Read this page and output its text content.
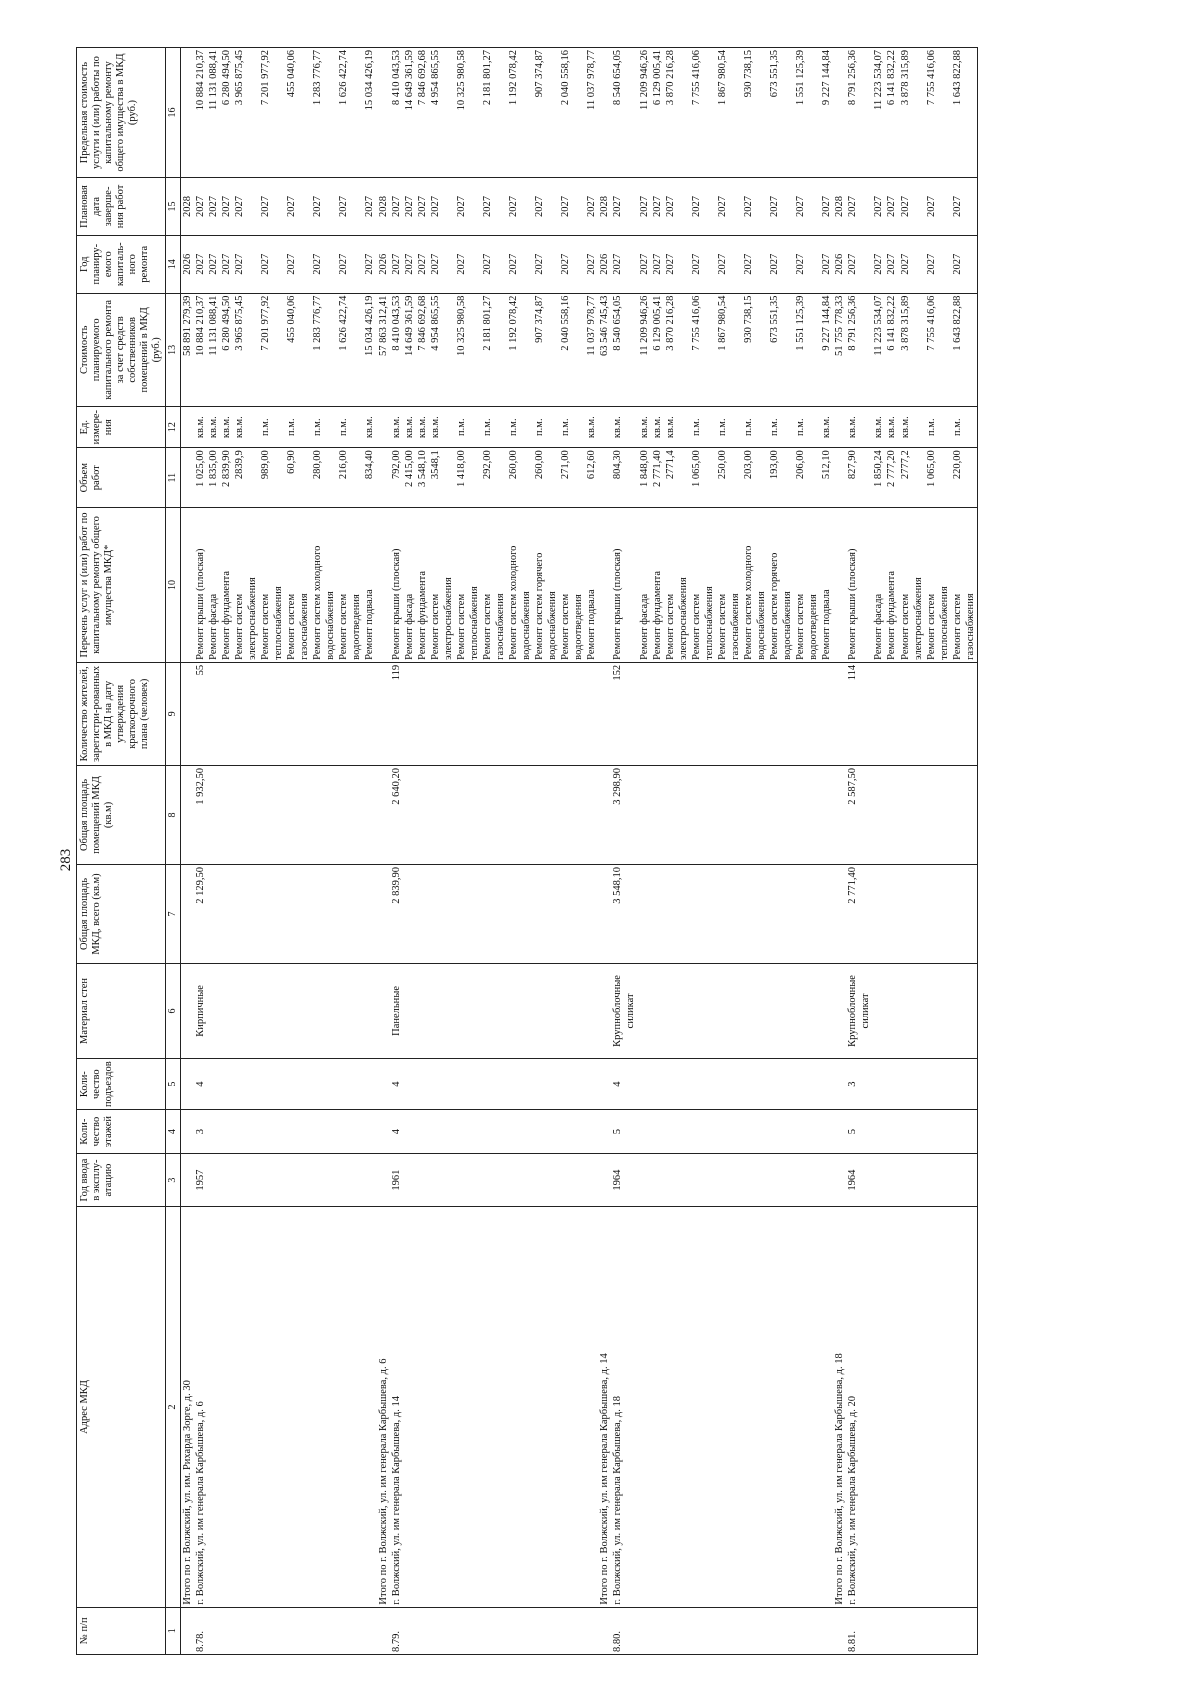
283
№ п/п	Адрес МКД	Год ввода в эксплу-атацию	Коли-чество этажей	Коли-чество подъездов	Материал стен	Общая площадь МКД, всего (кв.м)	Общая площадь помещений МКД (кв.м)	Количество жителей, зарегистри-рованных в МКД на дату утверждения краткосрочного плана (человек)	Перечень услуг и (или) работ по капитальному ремонту общего имущества МКД*	Объем работ	Ед. измере-ния	Стоимость планируемого капитального ремонта за счет средств собственников помещений в МКД (руб.)	Год планиру-емого капиталь-ного ремонта	Плановая дата заверше-ния работ	Предельная стоимость услуги и (или) работы по капитальному ремонту общего имущества в МКД (руб.)
1	2	3	4	5	6	7	8	9	10	11	12	13	14	15	16
	Итого по г. Волжский, ул. им. Рихарда Зорге, д. 30											58 891 279,39	2026	2028	
8.78.	г. Волжский, ул. им генерала Карбышева, д. 6	1957	3	4	Кирпичные	2 129,50	1 932,50	55	Ремонт крыши (плоская)	1 025,00	кв.м.	10 884 210,37	2027	2027	10 884 210,37

									Ремонт фасада	1 835,00	кв.м.	11 131 088,41	2027	2027	11 131 088,41

									Ремонт фундамента	2 839,90	кв.м.	6 280 494,50	2027	2027	6 280 494,50

									Ремонт систем электроснабжения	2839,9	кв.м.	3 965 875,45	2027	2027	3 965 875,45

									Ремонт систем теплоснабжения	989,00	п.м.	7 201 977,92	2027	2027	7 201 977,92

									Ремонт систем газоснабжения	60,90	п.м.	455 040,06	2027	2027	455 040,06

									Ремонт систем холодного водоснабжения	280,00	п.м.	1 283 776,77	2027	2027	1 283 776,77

									Ремонт систем водоотведения	216,00	п.м.	1 626 422,74	2027	2027	1 626 422,74

									Ремонт подвала	834,40	кв.м.	15 034 426,19	2027	2027	15 034 426,19
	Итого по г. Волжский, ул. им генерала Карбышева, д. 6											57 863 312,41	2026	2028	
8.79.	г. Волжский, ул. им генерала Карбышева, д. 14	1961	4	4	Панельные	2 839,90	2 640,20	119	Ремонт крыши (плоская)	792,00	кв.м.	8 410 043,53	2027	2027	8 410 043,53

									Ремонт фасада	2 415,00	кв.м.	14 649 361,59	2027	2027	14 649 361,59

									Ремонт фундамента	3 548,10	кв.м.	7 846 692,68	2027	2027	7 846 692,68

									Ремонт систем электроснабжения	3548,1	кв.м.	4 954 865,55	2027	2027	4 954 865,55

									Ремонт систем теплоснабжения	1 418,00	п.м.	10 325 980,58	2027	2027	10 325 980,58

									Ремонт систем газоснабжения	292,00	п.м.	2 181 801,27	2027	2027	2 181 801,27

									Ремонт систем холодного водоснабжения	260,00	п.м.	1 192 078,42	2027	2027	1 192 078,42

									Ремонт систем горячего водоснабжения	260,00	п.м.	907 374,87	2027	2027	907 374,87

									Ремонт систем водоотведения	271,00	п.м.	2 040 558,16	2027	2027	2 040 558,16

									Ремонт подвала	612,60	кв.м.	11 037 978,77	2027	2027	11 037 978,77
	Итого по г. Волжский, ул. им генерала Карбышева, д. 14											63 546 745,43	2026	2028	
8.80.	г. Волжский, ул. им генерала Карбышева, д. 18	1964	5	4	Крупноблочные силикат	3 548,10	3 298,90	152	Ремонт крыши (плоская)	804,30	кв.м.	8 540 654,05	2027	2027	8 540 654,05

									Ремонт фасада	1 848,00	кв.м.	11 209 946,26	2027	2027	11 209 946,26

									Ремонт фундамента	2 771,40	кв.м.	6 129 005,41	2027	2027	6 129 005,41

									Ремонт систем электроснабжения	2771,4	кв.м.	3 870 216,28	2027	2027	3 870 216,28

									Ремонт систем теплоснабжения	1 065,00	п.м.	7 755 416,06	2027	2027	7 755 416,06

									Ремонт систем газоснабжения	250,00	п.м.	1 867 980,54	2027	2027	1 867 980,54

									Ремонт систем холодного водоснабжения	203,00	п.м.	930 738,15	2027	2027	930 738,15

									Ремонт систем горячего водоснабжения	193,00	п.м.	673 551,35	2027	2027	673 551,35

									Ремонт систем водоотведения	206,00	п.м.	1 551 125,39	2027	2027	1 551 125,39

									Ремонт подвала	512,10	кв.м.	9 227 144,84	2027	2027	9 227 144,84
	Итого по г. Волжский, ул. им генерала Карбышева, д. 18											51 755 778,33	2026	2028	
8.81.	г. Волжский, ул. им генерала Карбышева, д. 20	1964	5	3	Крупноблочные силикат	2 771,40	2 587,50	114	Ремонт крыши (плоская)	827,90	кв.м.	8 791 256,36	2027	2027	8 791 256,36

									Ремонт фасада	1 850,24	кв.м.	11 223 534,07	2027	2027	11 223 534,07

									Ремонт фундамента	2 777,20	кв.м.	6 141 832,22	2027	2027	6 141 832,22

									Ремонт систем электроснабжения	2777,2	кв.м.	3 878 315,89	2027	2027	3 878 315,89

									Ремонт систем теплоснабжения	1 065,00	п.м.	7 755 416,06	2027	2027	7 755 416,06

									Ремонт систем газоснабжения	220,00	п.м.	1 643 822,88	2027	2027	1 643 822,88
